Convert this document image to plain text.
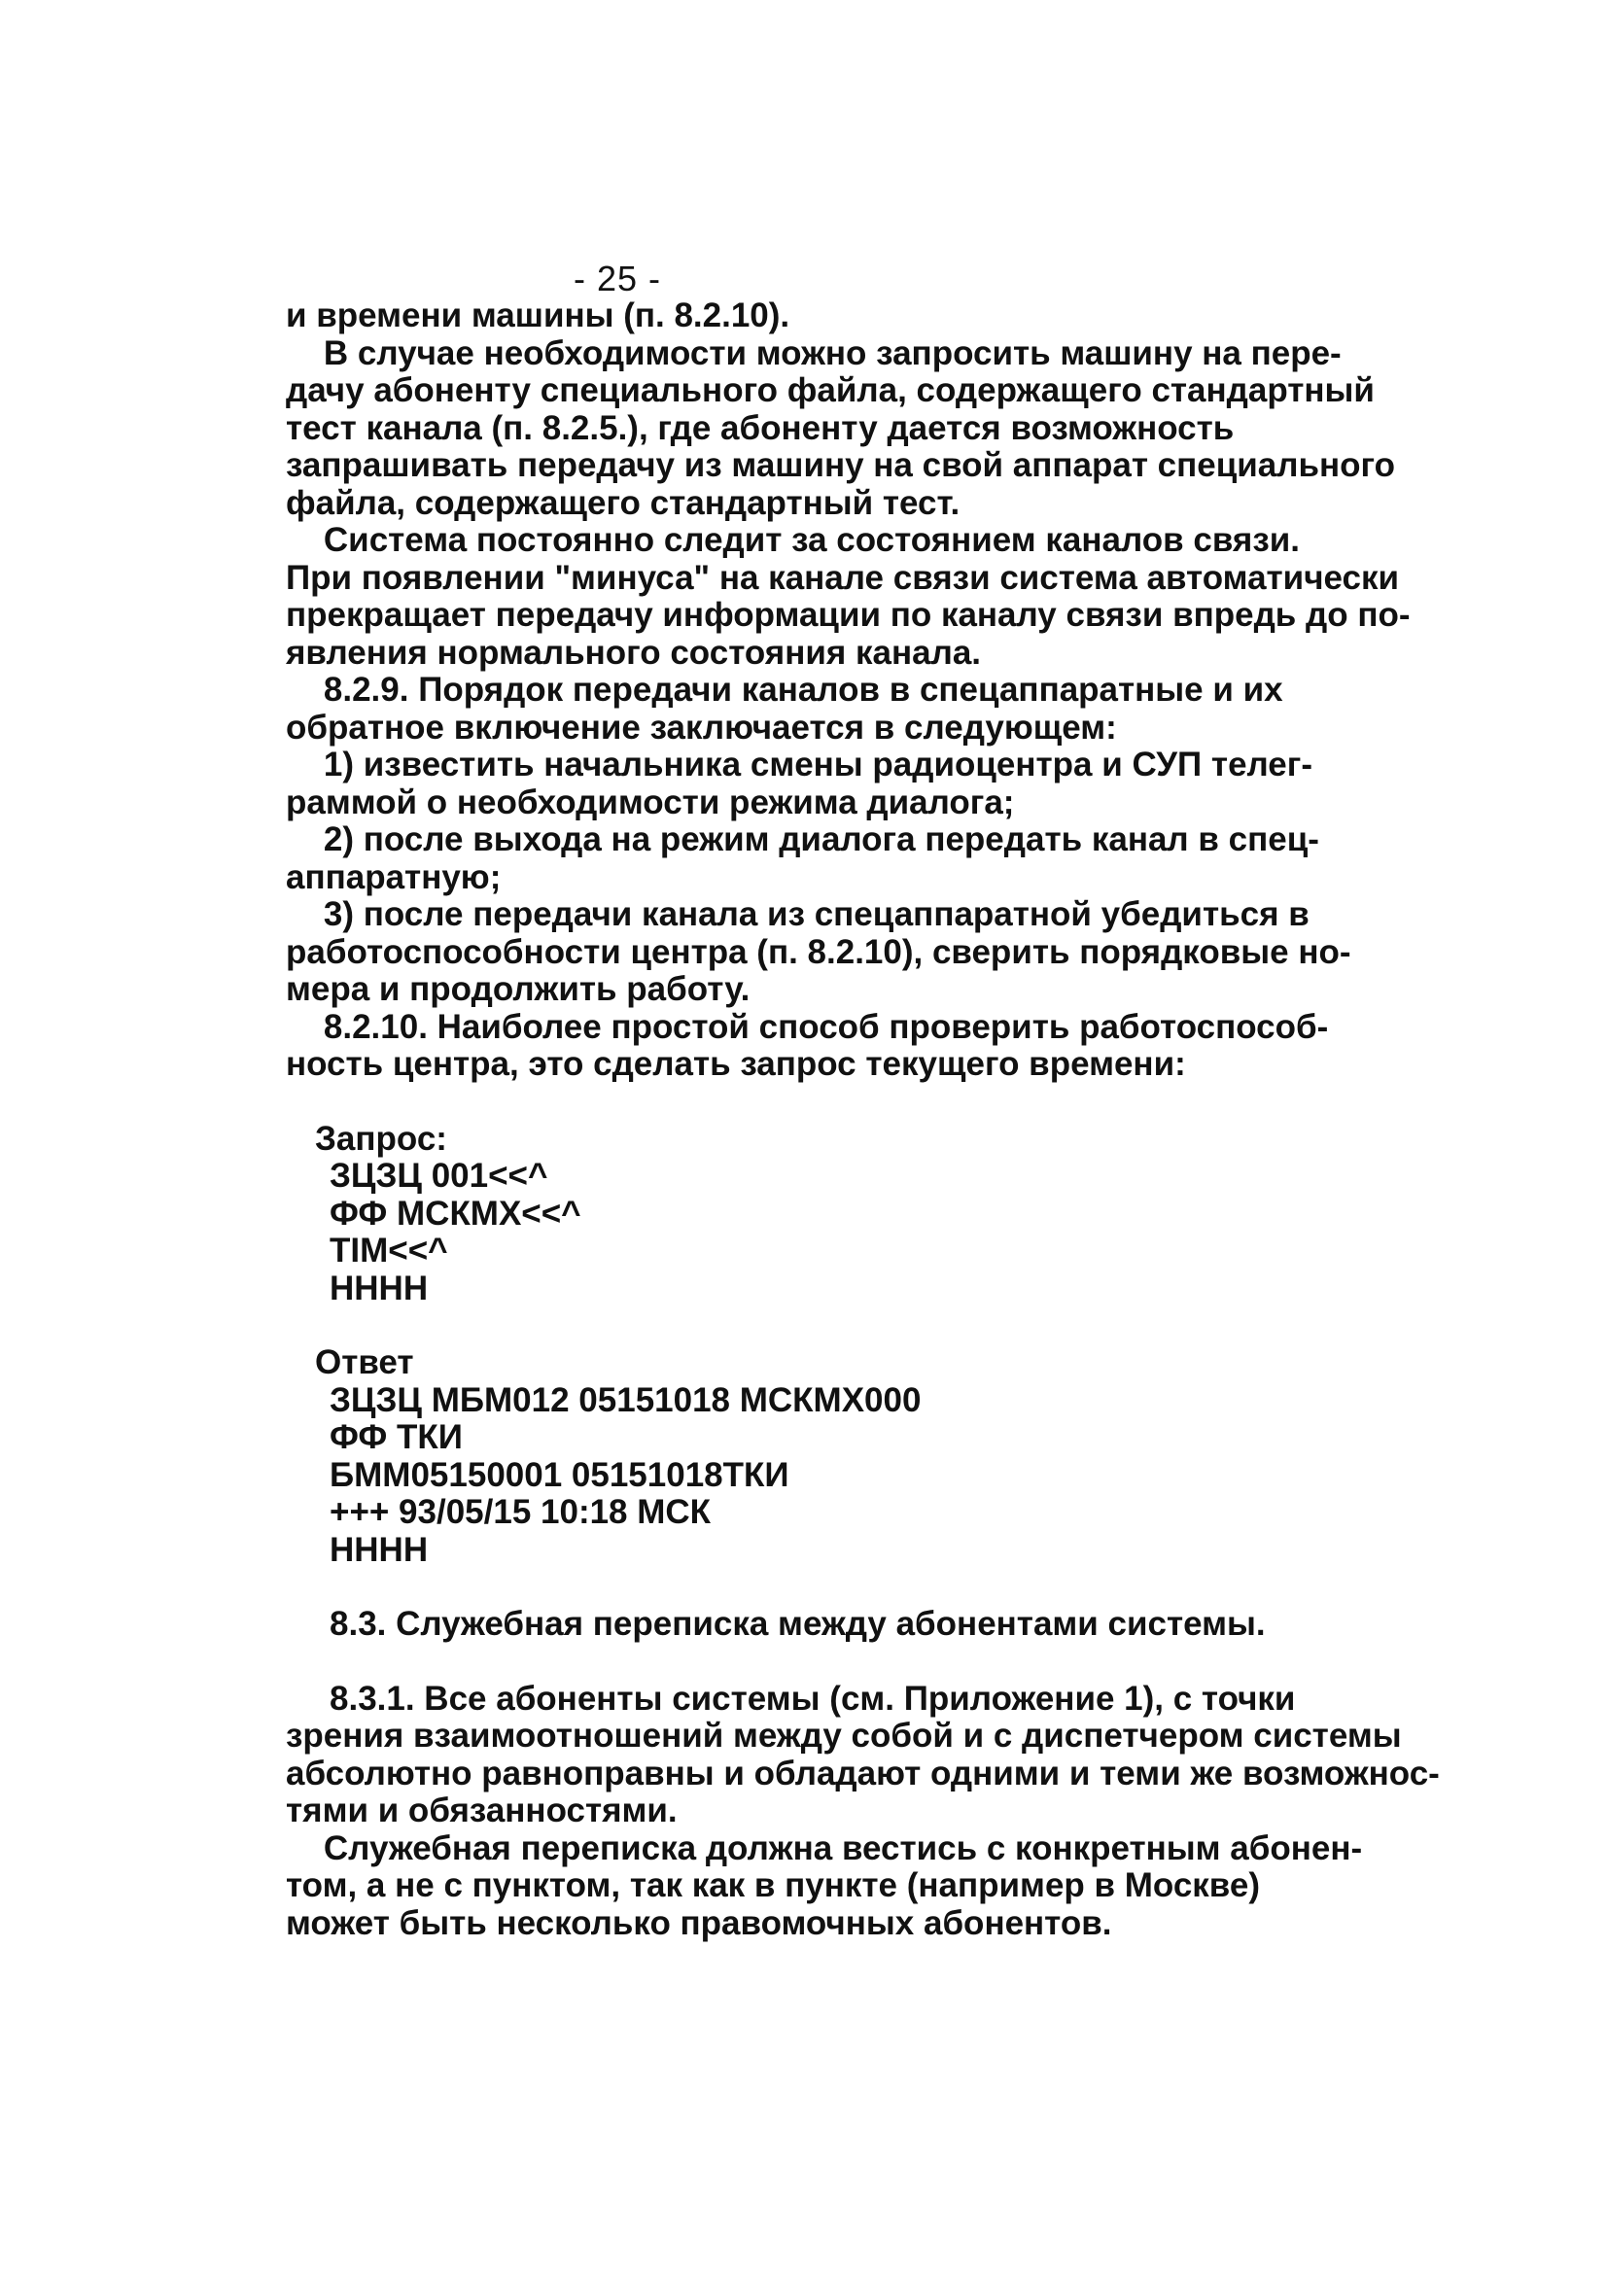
- 25 -
и времени машины (п. 8.2.10).
В случае необходимости можно запросить машину на пере-
дачу абоненту специального файла, содержащего стандартный
тест канала (п. 8.2.5.), где абоненту дается возможность
запрашивать передачу из машину на свой аппарат специального
файла, содержащего стандартный тест.
Система постоянно следит за состоянием каналов связи.
При появлении "минуса" на канале связи система автоматически
прекращает передачу информации по каналу связи впредь до по-
явления нормального состояния канала.
8.2.9. Порядок передачи каналов в спецаппаратные и их
обратное включение заключается в следующем:
1) известить начальника смены радиоцентра и СУП телег-
раммой о необходимости режима диалога;
2) после выхода на режим диалога передать канал в спец-
аппаратную;
3) после передачи канала из спецаппаратной убедиться в
работоспособности центра (п. 8.2.10), сверить порядковые но-
мера и продолжить работу.
8.2.10. Наиболее простой способ проверить работоспособ-
ность центра, это сделать запрос текущего времени:
Запрос:
ЗЦЗЦ 001<<^
ФФ МСКМХ<<^
TIM<<^
НННН
Ответ
ЗЦЗЦ МБМ012 05151018 МСКМХ000
ФФ ТКИ
БММ05150001 05151018ТКИ
+++ 93/05/15 10:18 МСК
НННН
8.3. Служебная переписка между абонентами системы.
8.3.1. Все абоненты системы (см. Приложение 1), с точки
зрения взаимоотношений между собой и с диспетчером системы
абсолютно равноправны и обладают одними и теми же возможнос-
тями и обязанностями.
Служебная переписка должна вестись с конкретным абонен-
том, а не с пунктом, так как в пункте (например в Москве)
может быть несколько правомочных абонентов.
